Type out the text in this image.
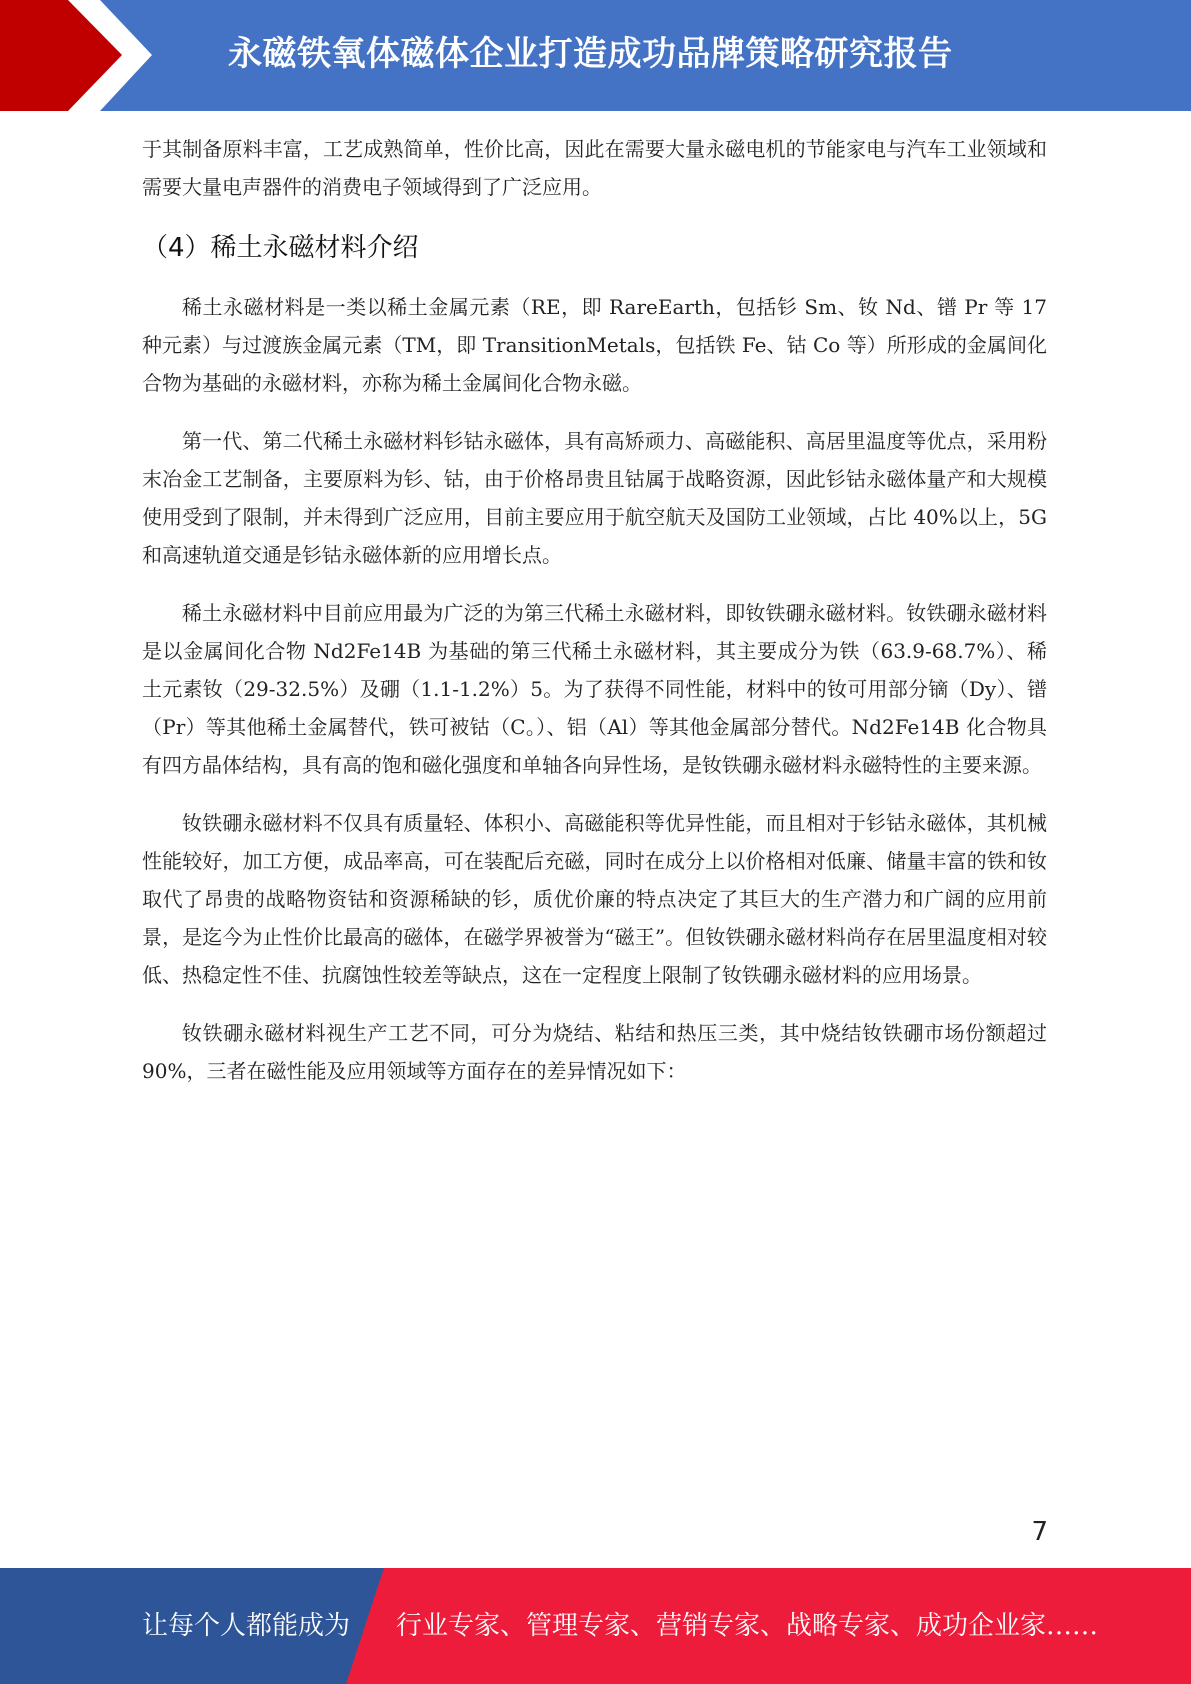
永磁铁氧体磁体企业打造成功品牌策略研究报告

于其制备原料丰富，工艺成熟简单，性价比高，因此在需要大量永磁电机的节能家电与汽车工业领域和需要大量电声器件的消费电子领域得到了广泛应用。

（4）稀土永磁材料介绍

稀土永磁材料是一类以稀土金属元素（RE，即 RareEarth，包括钐 Sm、钕 Nd、镨 Pr 等 17 种元素）与过渡族金属元素（TM，即 TransitionMetals，包括铁 Fe、钴 Co 等）所形成的金属间化合物为基础的永磁材料，亦称为稀土金属间化合物永磁。

第一代、第二代稀土永磁材料钐钴永磁体，具有高矫顽力、高磁能积、高居里温度等优点，采用粉末冶金工艺制备，主要原料为钐、钴，由于价格昂贵且钴属于战略资源，因此钐钴永磁体量产和大规模使用受到了限制，并未得到广泛应用，目前主要应用于航空航天及国防工业领域，占比 40%以上，5G 和高速轨道交通是钐钴永磁体新的应用增长点。

稀土永磁材料中目前应用最为广泛的为第三代稀土永磁材料，即钕铁硼永磁材料。钕铁硼永磁材料是以金属间化合物 Nd2Fe14B 为基础的第三代稀土永磁材料，其主要成分为铁（63.9-68.7%）、稀土元素钕（29-32.5%）及硼（1.1-1.2%）5。为了获得不同性能，材料中的钕可用部分镝（Dy）、镨（Pr）等其他稀土金属替代，铁可被钴（C。）、铝（Al）等其他金属部分替代。Nd2Fe14B 化合物具有四方晶体结构，具有高的饱和磁化强度和单轴各向异性场，是钕铁硼永磁材料永磁特性的主要来源。

钕铁硼永磁材料不仅具有质量轻、体积小、高磁能积等优异性能，而且相对于钐钴永磁体，其机械性能较好，加工方便，成品率高，可在装配后充磁，同时在成分上以价格相对低廉、储量丰富的铁和钕取代了昂贵的战略物资钴和资源稀缺的钐，质优价廉的特点决定了其巨大的生产潜力和广阔的应用前景，是迄今为止性价比最高的磁体，在磁学界被誉为“磁王”。但钕铁硼永磁材料尚存在居里温度相对较低、热稳定性不佳、抗腐蚀性较差等缺点，这在一定程度上限制了钕铁硼永磁材料的应用场景。

钕铁硼永磁材料视生产工艺不同，可分为烧结、粘结和热压三类，其中烧结钕铁硼市场份额超过 90%，三者在磁性能及应用领域等方面存在的差异情况如下：

7
让每个人都能成为 行业专家、管理专家、营销专家、战略专家、成功企业家……
